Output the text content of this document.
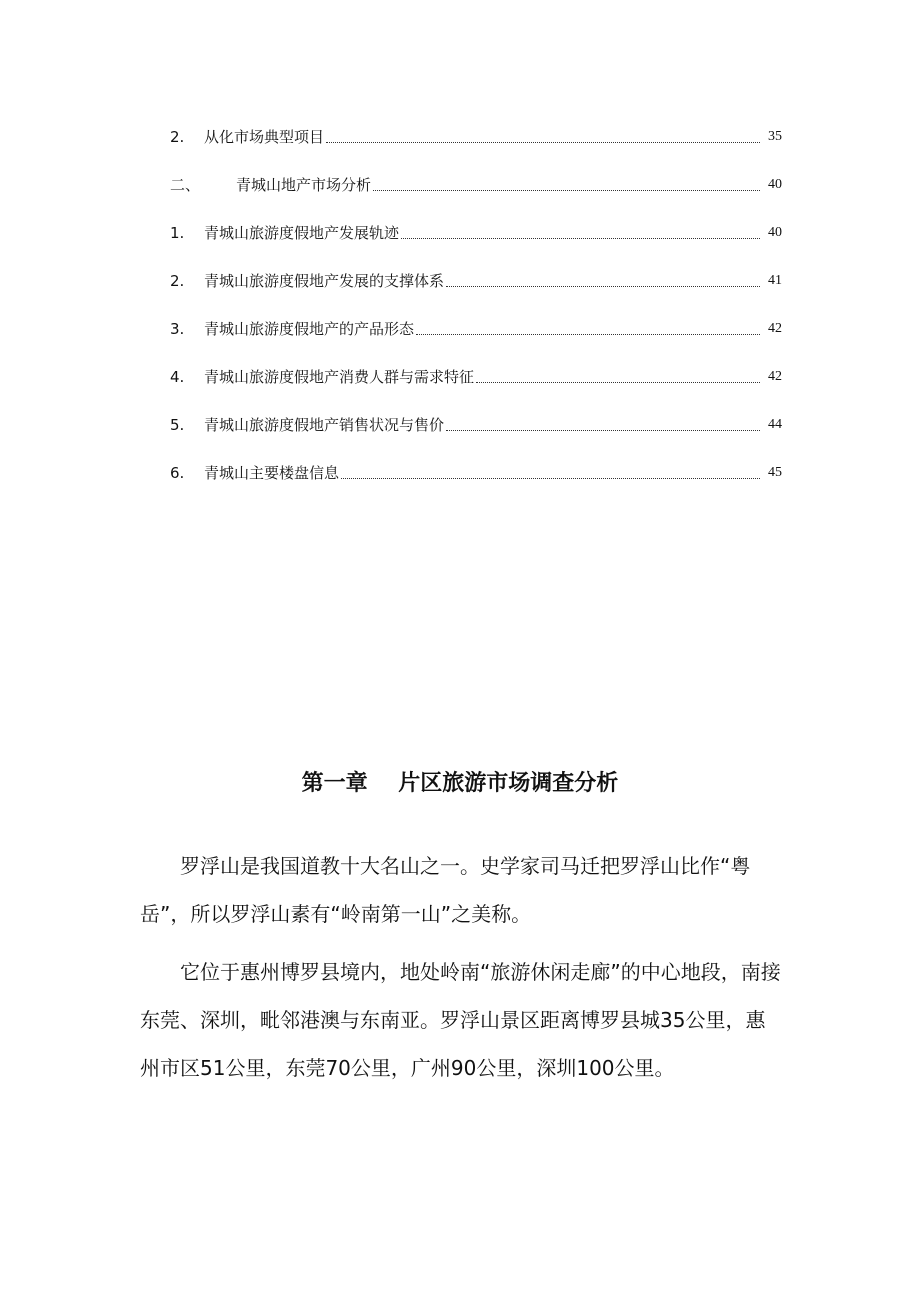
2.	从化市场典型项目	35
二、	青城山地产市场分析	40
1.	青城山旅游度假地产发展轨迹	40
2.	青城山旅游度假地产发展的支撑体系	41
3.	青城山旅游度假地产的产品形态	42
4.	青城山旅游度假地产消费人群与需求特征	42
5.	青城山旅游度假地产销售状况与售价	44
6.	青城山主要楼盘信息	45
第一章    片区旅游市场调查分析

罗浮山是我国道教十大名山之一。史学家司马迁把罗浮山比作“粤岳”，所以罗浮山素有“岭南第一山”之美称。

它位于惠州博罗县境内，地处岭南“旅游休闲走廊”的中心地段，南接东莞、深圳，毗邻港澳与东南亚。罗浮山景区距离博罗县城35公里，惠州市区51公里，东莞70公里，广州90公里，深圳100公里。
